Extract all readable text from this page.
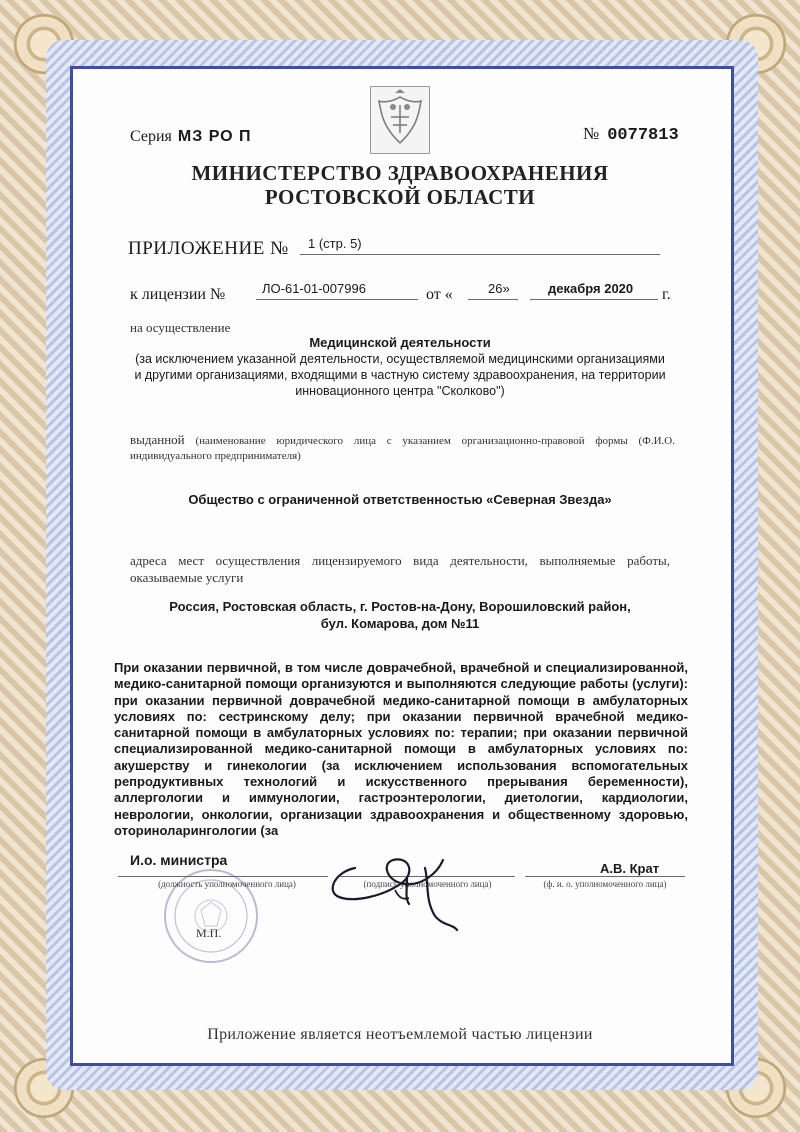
Серия МЗ РО П	№ 0077813
МИНИСТЕРСТВО ЗДРАВООХРАНЕНИЯ
РОСТОВСКОЙ ОБЛАСТИ
ПРИЛОЖЕНИЕ № 1 (стр. 5)
к лицензии №	ЛО-61-01-007996	от «	26»	декабря 2020 г.
на осуществление
Медицинской деятельности
(за исключением указанной деятельности, осуществляемой медицинскими организациями и другими организациями, входящими в частную систему здравоохранения, на территории инновационного центра "Сколково")
выданной (наименование юридического лица с указанием организационно-правовой формы (Ф.И.О. индивидуального предпринимателя)
Общество с ограниченной ответственностью «Северная Звезда»
адреса мест осуществления лицензируемого вида деятельности, выполняемые работы, оказываемые услуги
Россия, Ростовская область, г. Ростов-на-Дону, Ворошиловский район,
бул. Комарова, дом №11
При оказании первичной, в том числе доврачебной, врачебной и специализированной, медико-санитарной помощи организуются и выполняются следующие работы (услуги): при оказании первичной доврачебной медико-санитарной помощи в амбулаторных условиях по: сестринскому делу; при оказании первичной врачебной медико-санитарной помощи в амбулаторных условиях по: терапии; при оказании первичной специализированной медико-санитарной помощи в амбулаторных условиях по: акушерству и гинекологии (за исключением использования вспомогательных репродуктивных технологий и искусственного прерывания беременности), аллергологии и иммунологии, гастроэнтерологии, диетологии, кардиологии, неврологии, онкологии, организации здравоохранения и общественному здоровью, оториноларингологии (за
И.о. министра
А.В. Крат
(должность уполномоченного лица)	(подпись уполномоченного лица)	(ф. и. о. уполномоченного лица)
М.П.
Приложение является неотъемлемой частью лицензии
